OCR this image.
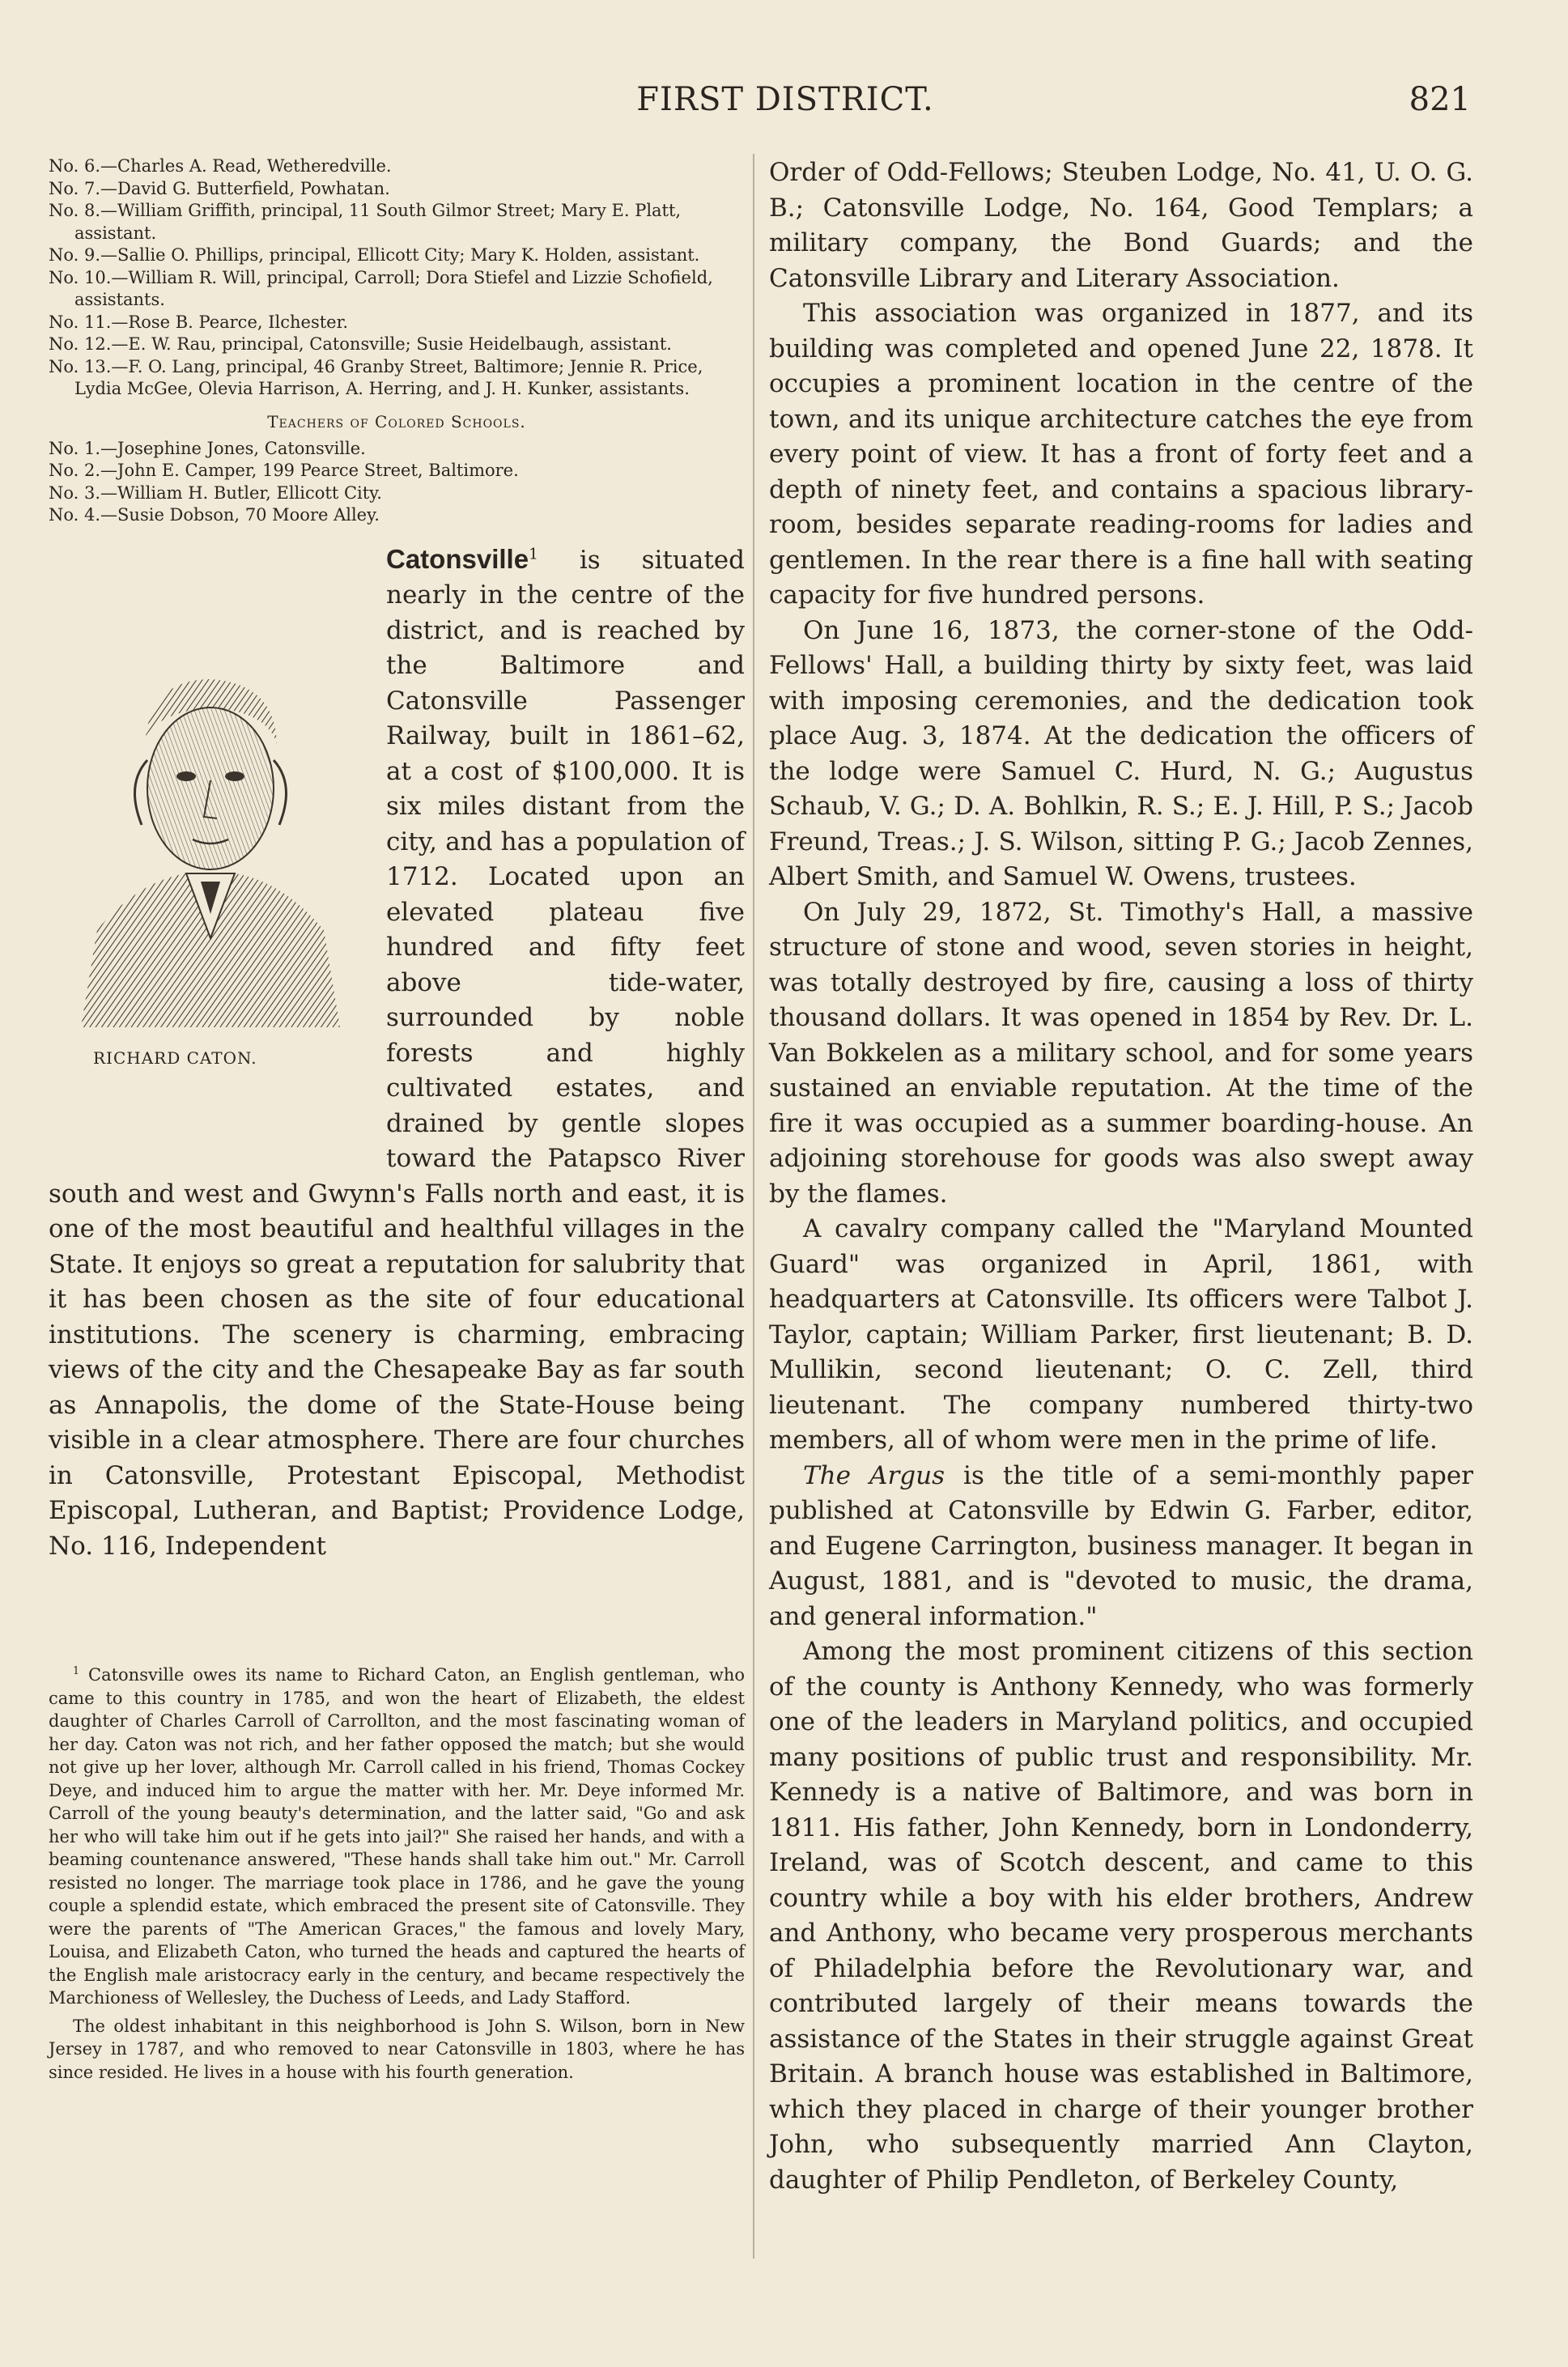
FIRST DISTRICT.	821

No. 6.—Charles A. Read, Wetheredville.

No. 7.—David G. Butterfield, Powhatan.

No. 8.—William Griffith, principal, 11 South Gilmor Street; Mary E. Platt, assistant.

No. 9.—Sallie O. Phillips, principal, Ellicott City; Mary K. Holden, assistant.

No. 10.—William R. Will, principal, Carroll; Dora Stiefel and Lizzie Schofield, assistants.

No. 11.—Rose B. Pearce, Ilchester.

No. 12.—E. W. Rau, principal, Catonsville; Susie Heidelbaugh, assistant.

No. 13.—F. O. Lang, principal, 46 Granby Street, Baltimore; Jennie R. Price, Lydia McGee, Olevia Harrison, A. Herring, and J. H. Kunker, assistants.

Teachers of Colored Schools.

No. 1.—Josephine Jones, Catonsville.

No. 2.—John E. Camper, 199 Pearce Street, Baltimore.

No. 3.—William H. Butler, Ellicott City.

No. 4.—Susie Dobson, 70 Moore Alley.

RICHARD CATON.

Catonsville$^1$ is situated nearly in the centre of the district, and is reached by the Baltimore and Catonsville Passenger Railway, built in 1861–62, at a cost of $100,000. It is six miles distant from the city, and has a population of 1712. Located upon an elevated plateau five hundred and fifty feet above tide-water, surrounded by noble forests and highly cultivated estates, and drained by gentle slopes toward the Patapsco River south and west and Gwynn's Falls north and east, it is one of the most beautiful and healthful villages in the State. It enjoys so great a reputation for salubrity that it has been chosen as the site of four educational institutions. The scenery is charming, embracing views of the city and the Chesapeake Bay as far south as Annapolis, the dome of the State-House being visible in a clear atmosphere. There are four churches in Catonsville, Protestant Episcopal, Methodist Episcopal, Lutheran, and Baptist; Providence Lodge, No. 116, Independent

$^1$ Catonsville owes its name to Richard Caton, an English gentleman, who came to this country in 1785, and won the heart of Elizabeth, the eldest daughter of Charles Carroll of Carrollton, and the most fascinating woman of her day. Caton was not rich, and her father opposed the match; but she would not give up her lover, although Mr. Carroll called in his friend, Thomas Cockey Deye, and induced him to argue the matter with her. Mr. Deye informed Mr. Carroll of the young beauty's determination, and the latter said, "Go and ask her who will take him out if he gets into jail?" She raised her hands, and with a beaming countenance answered, "These hands shall take him out." Mr. Carroll resisted no longer. The marriage took place in 1786, and he gave the young couple a splendid estate, which embraced the present site of Catonsville. They were the parents of "The American Graces," the famous and lovely Mary, Louisa, and Elizabeth Caton, who turned the heads and captured the hearts of the English male aristocracy early in the century, and became respectively the Marchioness of Wellesley, the Duchess of Leeds, and Lady Stafford.

The oldest inhabitant in this neighborhood is John S. Wilson, born in New Jersey in 1787, and who removed to near Catonsville in 1803, where he has since resided. He lives in a house with his fourth generation.

Order of Odd-Fellows; Steuben Lodge, No. 41, U. O. G. B.; Catonsville Lodge, No. 164, Good Templars; a military company, the Bond Guards; and the Catonsville Library and Literary Association.

This association was organized in 1877, and its building was completed and opened June 22, 1878. It occupies a prominent location in the centre of the town, and its unique architecture catches the eye from every point of view. It has a front of forty feet and a depth of ninety feet, and contains a spacious library-room, besides separate reading-rooms for ladies and gentlemen. In the rear there is a fine hall with seating capacity for five hundred persons.

On June 16, 1873, the corner-stone of the Odd-Fellows' Hall, a building thirty by sixty feet, was laid with imposing ceremonies, and the dedication took place Aug. 3, 1874. At the dedication the officers of the lodge were Samuel C. Hurd, N. G.; Augustus Schaub, V. G.; D. A. Bohlkin, R. S.; E. J. Hill, P. S.; Jacob Freund, Treas.; J. S. Wilson, sitting P. G.; Jacob Zennes, Albert Smith, and Samuel W. Owens, trustees.

On July 29, 1872, St. Timothy's Hall, a massive structure of stone and wood, seven stories in height, was totally destroyed by fire, causing a loss of thirty thousand dollars. It was opened in 1854 by Rev. Dr. L. Van Bokkelen as a military school, and for some years sustained an enviable reputation. At the time of the fire it was occupied as a summer boarding-house. An adjoining storehouse for goods was also swept away by the flames.

A cavalry company called the "Maryland Mounted Guard" was organized in April, 1861, with headquarters at Catonsville. Its officers were Talbot J. Taylor, captain; William Parker, first lieutenant; B. D. Mullikin, second lieutenant; O. C. Zell, third lieutenant. The company numbered thirty-two members, all of whom were men in the prime of life.

The Argus is the title of a semi-monthly paper published at Catonsville by Edwin G. Farber, editor, and Eugene Carrington, business manager. It began in August, 1881, and is "devoted to music, the drama, and general information."

Among the most prominent citizens of this section of the county is Anthony Kennedy, who was formerly one of the leaders in Maryland politics, and occupied many positions of public trust and responsibility. Mr. Kennedy is a native of Baltimore, and was born in 1811. His father, John Kennedy, born in Londonderry, Ireland, was of Scotch descent, and came to this country while a boy with his elder brothers, Andrew and Anthony, who became very prosperous merchants of Philadelphia before the Revolutionary war, and contributed largely of their means towards the assistance of the States in their struggle against Great Britain. A branch house was established in Baltimore, which they placed in charge of their younger brother John, who subsequently married Ann Clayton, daughter of Philip Pendleton, of Berkeley County,
